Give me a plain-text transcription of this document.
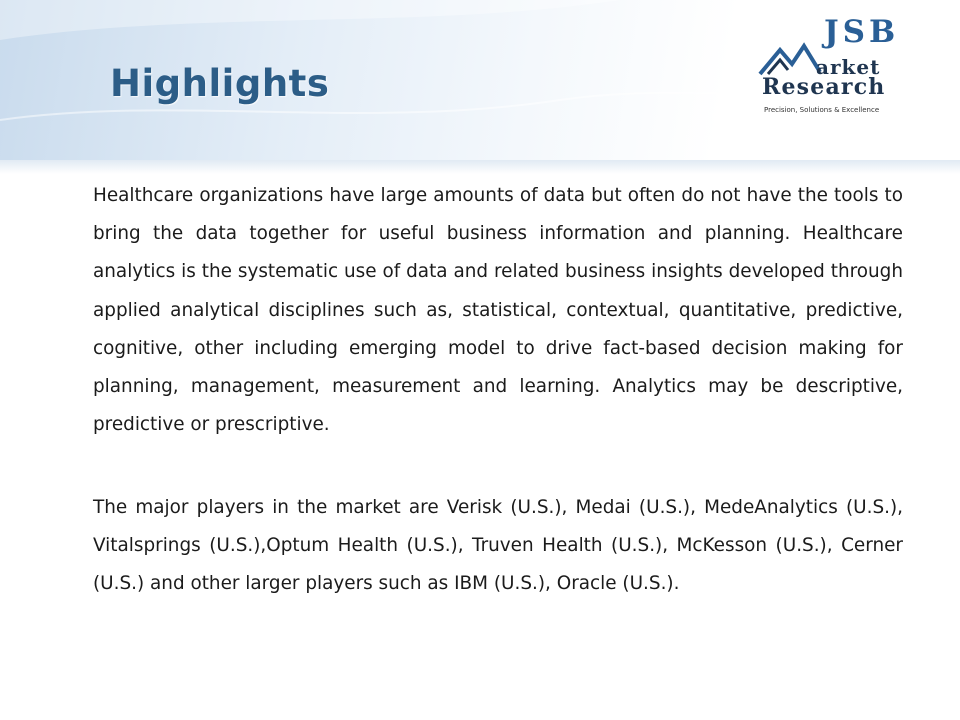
Highlights
JSB
arket
Research
Precision, Solutions & Excellence

Healthcare organizations have large amounts of data but often do not have the tools to bring the data together for useful business information and planning. Healthcare analytics is the systematic use of data and related business insights developed through applied analytical disciplines such as, statistical, contextual, quantitative, predictive, cognitive, other including emerging model to drive fact-based decision making for planning, management, measurement and learning. Analytics may be descriptive, predictive or prescriptive.

The major players in the market are Verisk (U.S.), Medai (U.S.), MedeAnalytics (U.S.), Vitalsprings (U.S.),Optum Health (U.S.), Truven Health (U.S.), McKesson (U.S.), Cerner (U.S.) and other larger players such as IBM (U.S.), Oracle (U.S.).
